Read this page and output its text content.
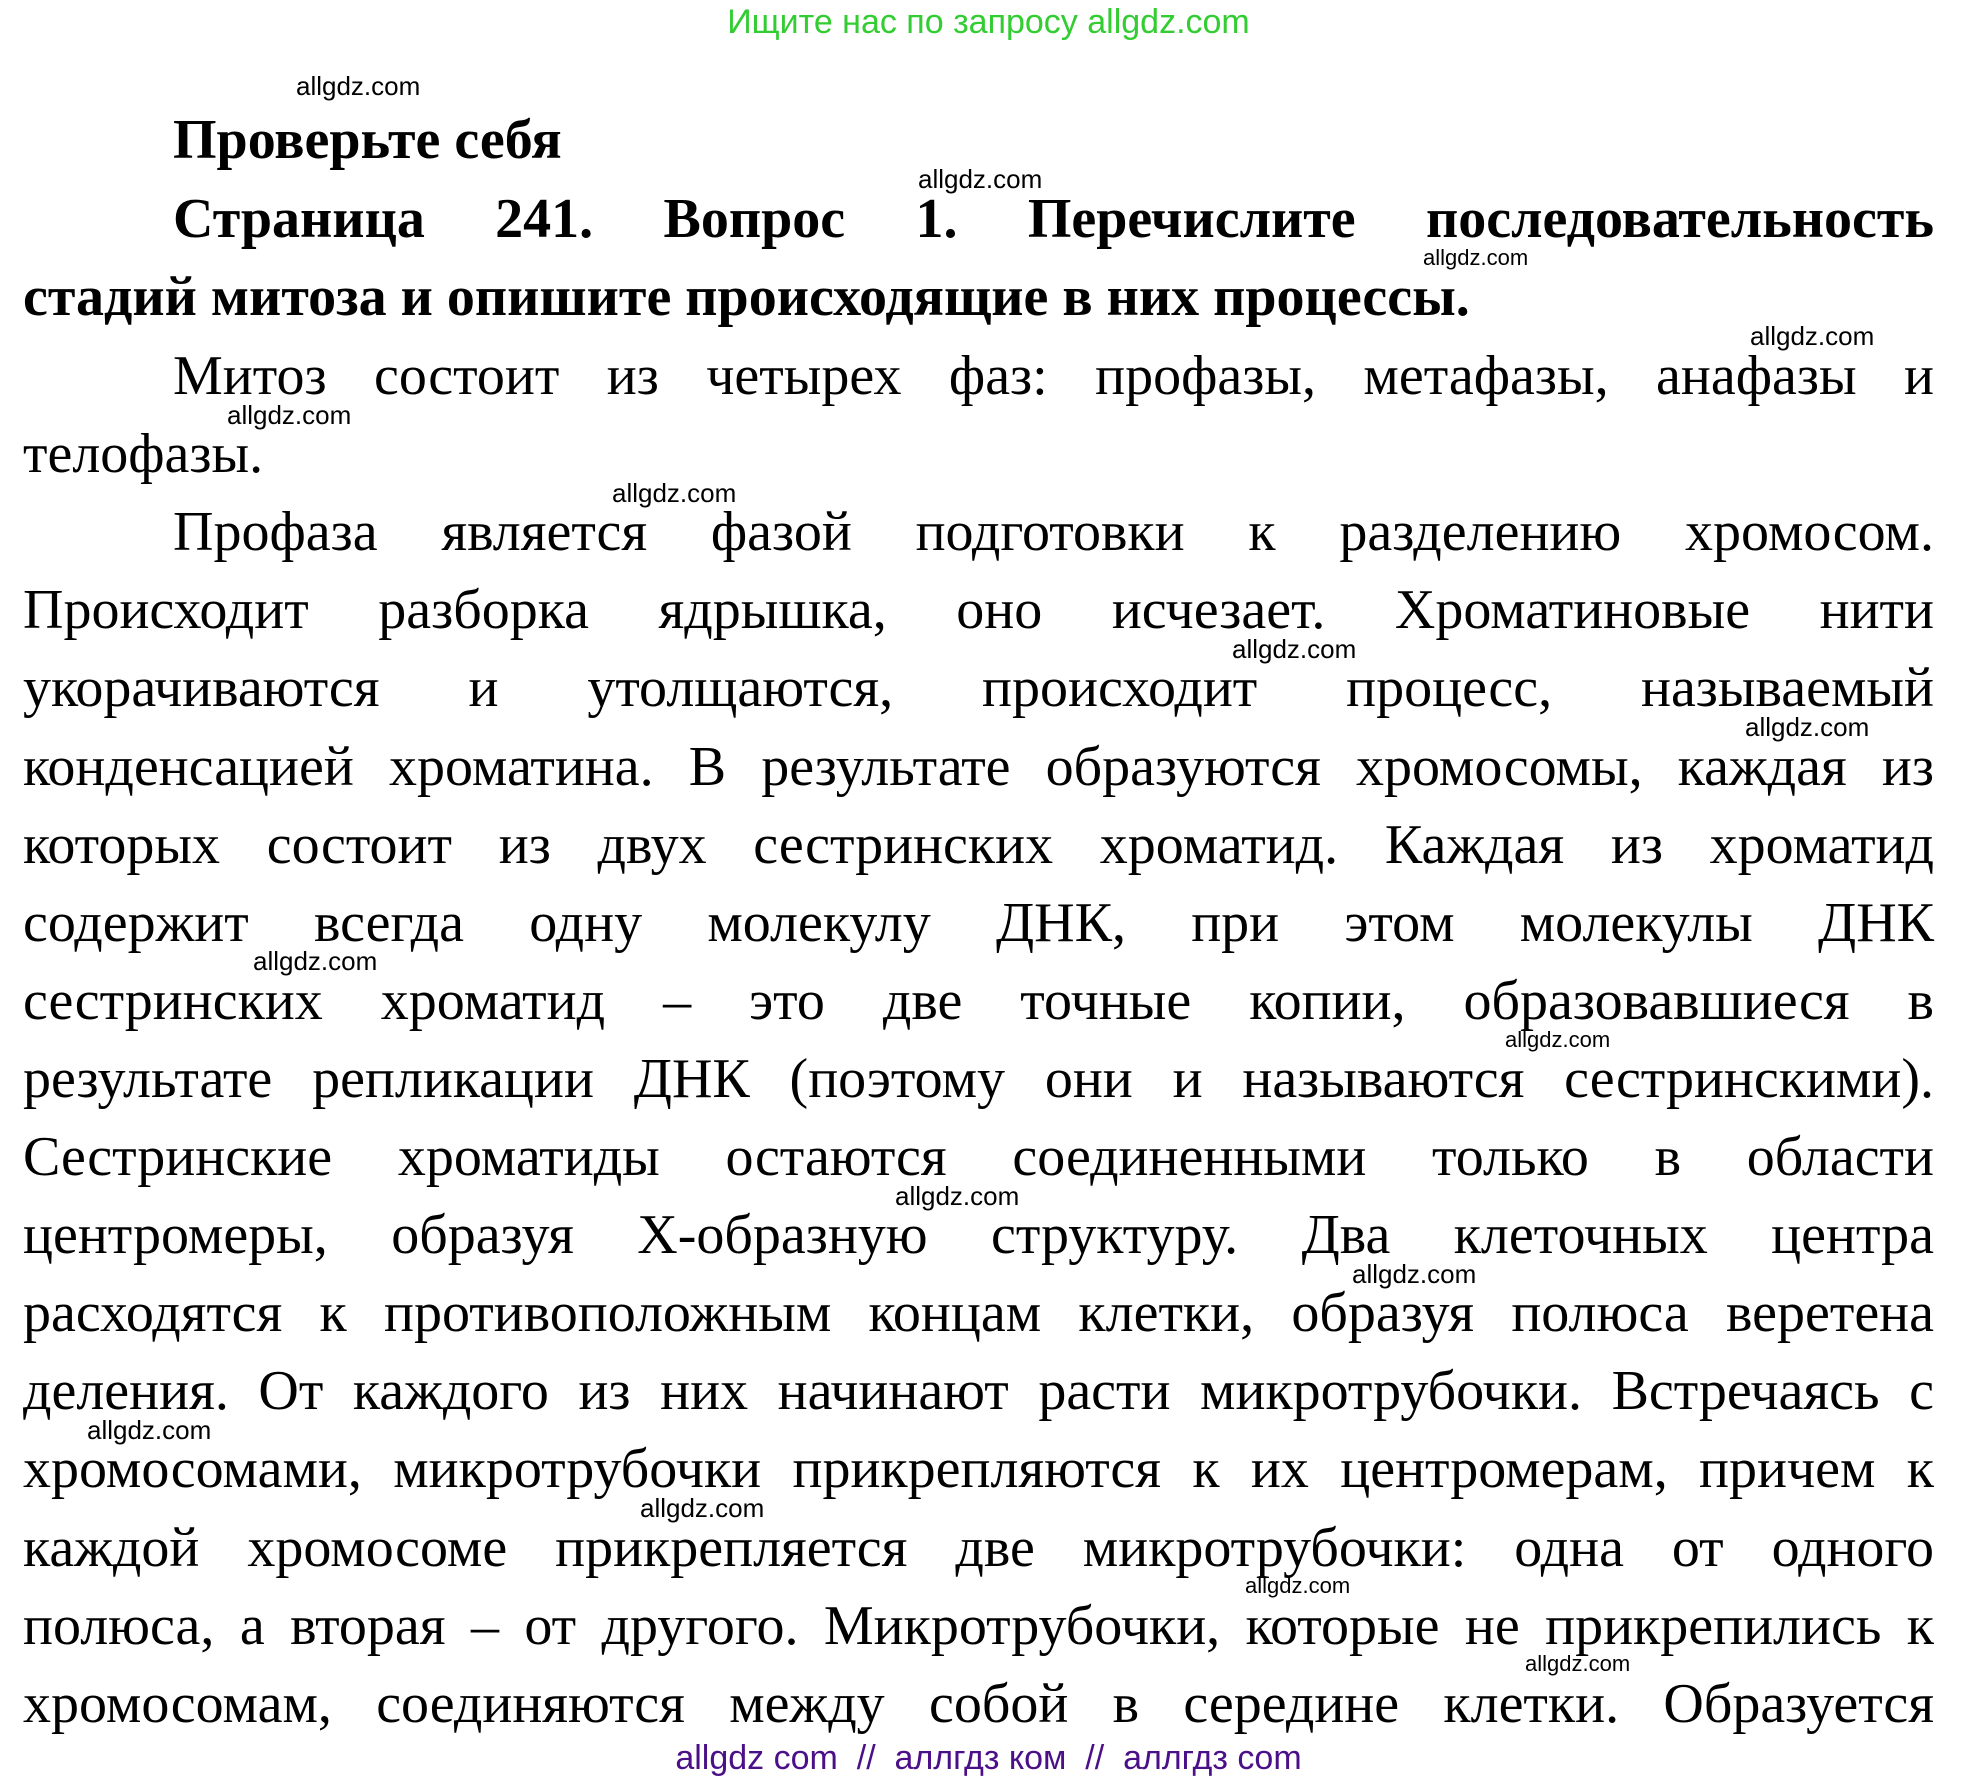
Ищите нас по запросу allgdz.com
Проверьте себя
Страница 241. Вопрос 1. Перечислите последовательность
стадий митоза и опишите происходящие в них процессы.
Митоз состоит из четырех фаз: профазы, метафазы, анафазы и
телофазы.
Профаза является фазой подготовки к разделению хромосом.
Происходит разборка ядрышка, оно исчезает. Хроматиновые нити
укорачиваются и утолщаются, происходит процесс, называемый
конденсацией хроматина. В результате образуются хромосомы, каждая из
которых состоит из двух сестринских хроматид. Каждая из хроматид
содержит всегда одну молекулу ДНК, при этом молекулы ДНК
сестринских хроматид – это две точные копии, образовавшиеся в
результате репликации ДНК (поэтому они и называются сестринскими).
Сестринские хроматиды остаются соединенными только в области
центромеры, образуя Х-образную структуру. Два клеточных центра
расходятся к противоположным концам клетки, образуя полюса веретена
деления. От каждого из них начинают расти микротрубочки. Встречаясь с
хромосомами, микротрубочки прикрепляются к их центромерам, причем к
каждой хромосоме прикрепляется две микротрубочки: одна от одного
полюса, а вторая – от другого. Микротрубочки, которые не прикрепились к
хромосомам, соединяются между собой в середине клетки. Образуется
allgdz.com
allgdz.com
allgdz.com
allgdz.com
allgdz.com
allgdz.com
allgdz.com
allgdz.com
allgdz.com
allgdz.com
allgdz.com
allgdz.com
allgdz.com
allgdz.com
allgdz.com
allgdz.com
allgdz com  //  аллгдз ком  //  аллгдз com
